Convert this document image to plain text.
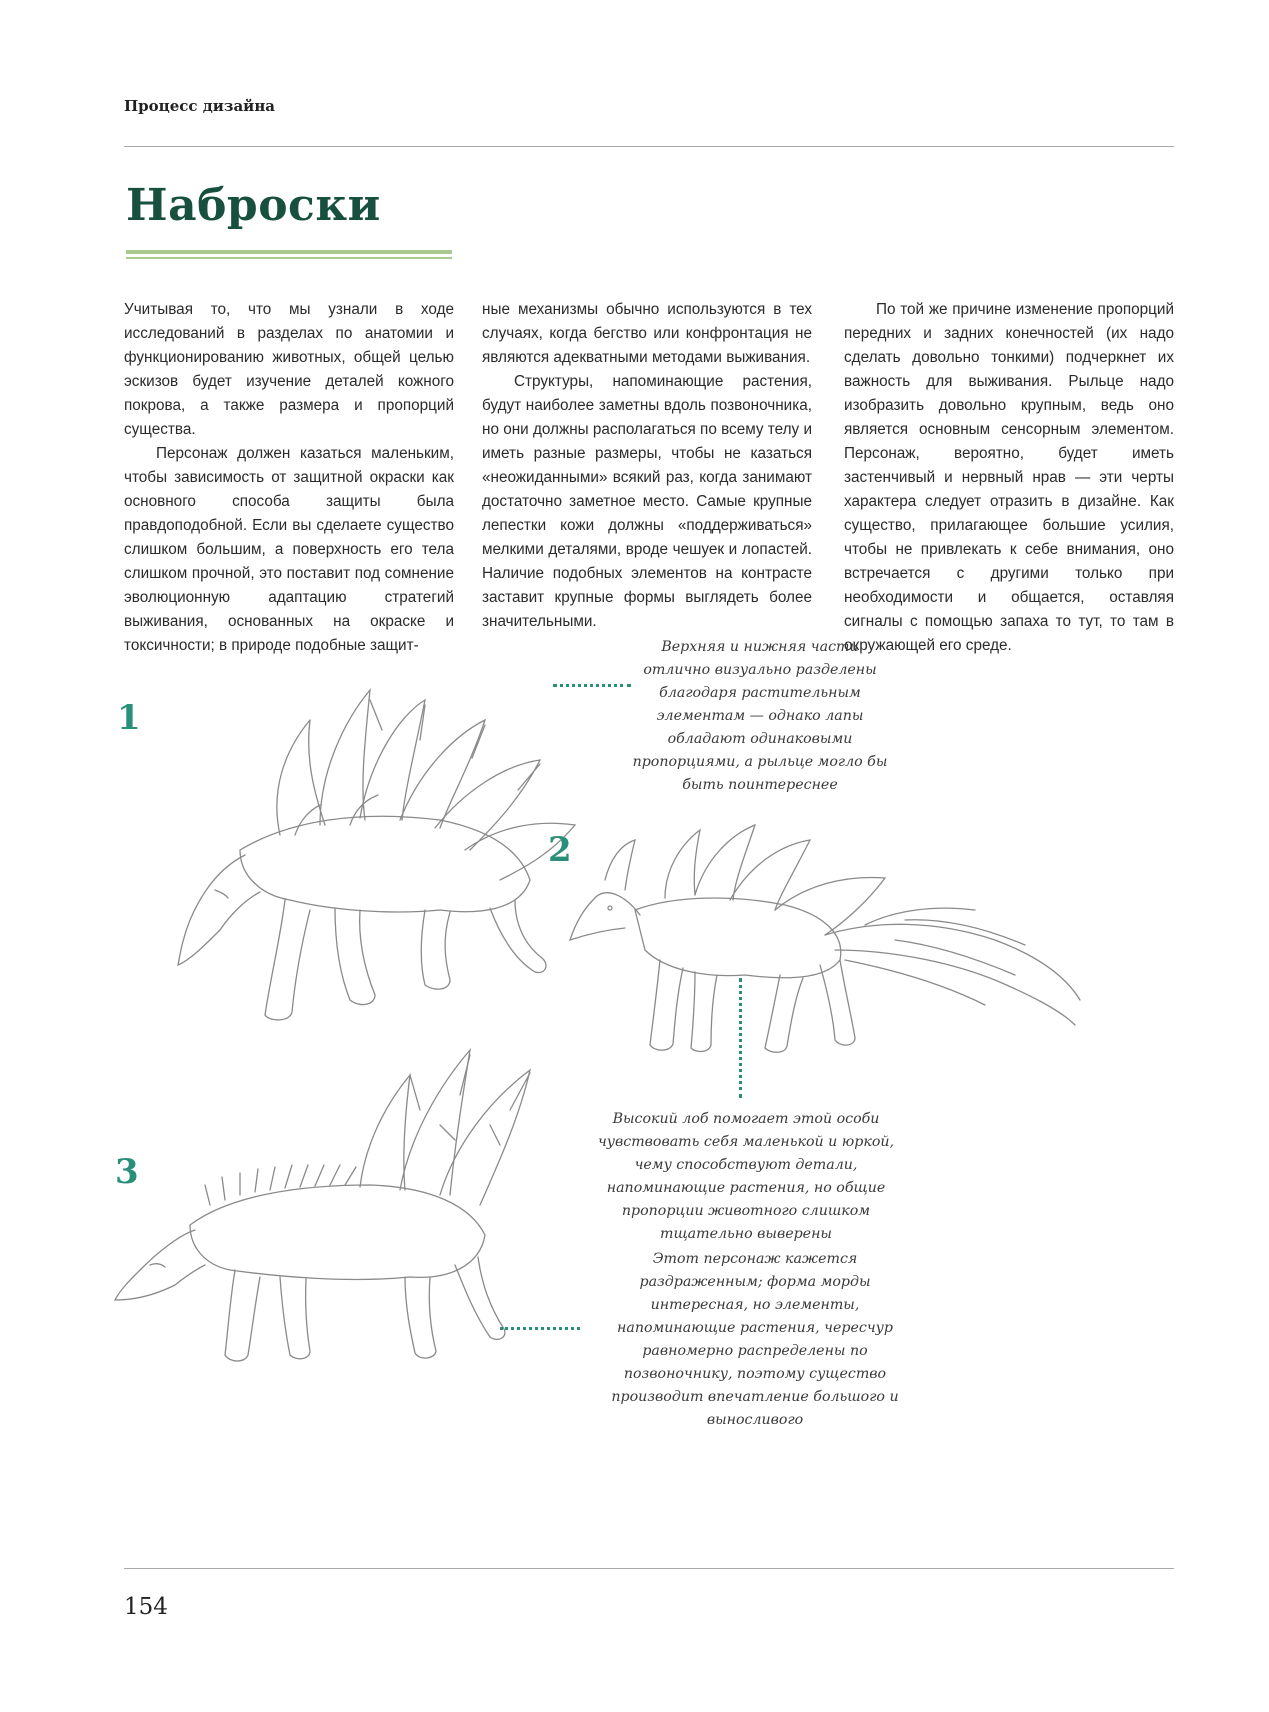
Процесс дизайна
Наброски

Учитывая то, что мы узнали в ходе исследований в разделах по анатомии и функционированию животных, общей целью эскизов будет изучение деталей кожного покрова, а также размера и пропорций существа.

Персонаж должен казаться маленьким, чтобы зависимость от защитной окраски как основного способа защиты была правдоподобной. Если вы сделаете существо слишком большим, а поверхность его тела слишком прочной, это поставит под сомнение эволюционную адаптацию стратегий выживания, основанных на окраске и токсичности; в природе подобные защит-

ные механизмы обычно используются в тех случаях, когда бегство или конфронтация не являются адекватными методами выживания.

Структуры, напоминающие растения, будут наиболее заметны вдоль позвоночника, но они должны располагаться по всему телу и иметь разные размеры, чтобы не казаться «неожиданными» всякий раз, когда занимают достаточно заметное место. Самые крупные лепестки кожи должны «поддерживаться» мелкими деталями, вроде чешуек и лопастей. Наличие подобных элементов на контрасте заставит крупные формы выглядеть более значительными.

По той же причине изменение пропорций передних и задних конечностей (их надо сделать довольно тонкими) подчеркнет их важность для выживания. Рыльце надо изобразить довольно крупным, ведь оно является основным сенсорным элементом. Персонаж, вероятно, будет иметь застенчивый и нервный нрав — эти черты характера следует отразить в дизайне. Как существо, прилагающее большие усилия, чтобы не привлекать к себе внимания, оно встречается с другими только при необходимости и общается, оставляя сигналы с помощью запаха то тут, то там в окружающей его среде.

1
Верхняя и нижняя части отлично визуально разделены благодаря растительным элементам — однако лапы обладают одинаковыми пропорциями, а рыльце могло бы быть поинтереснее
2
Высокий лоб помогает этой особи чувствовать себя маленькой и юркой, чему способствуют детали, напоминающие растения, но общие пропорции животного слишком тщательно выверены
3
Этот персонаж кажется раздраженным; форма морды интересная, но элементы, напоминающие растения, чересчур равномерно распределены по позвоночнику, поэтому существо производит впечатление большого и выносливого
154
